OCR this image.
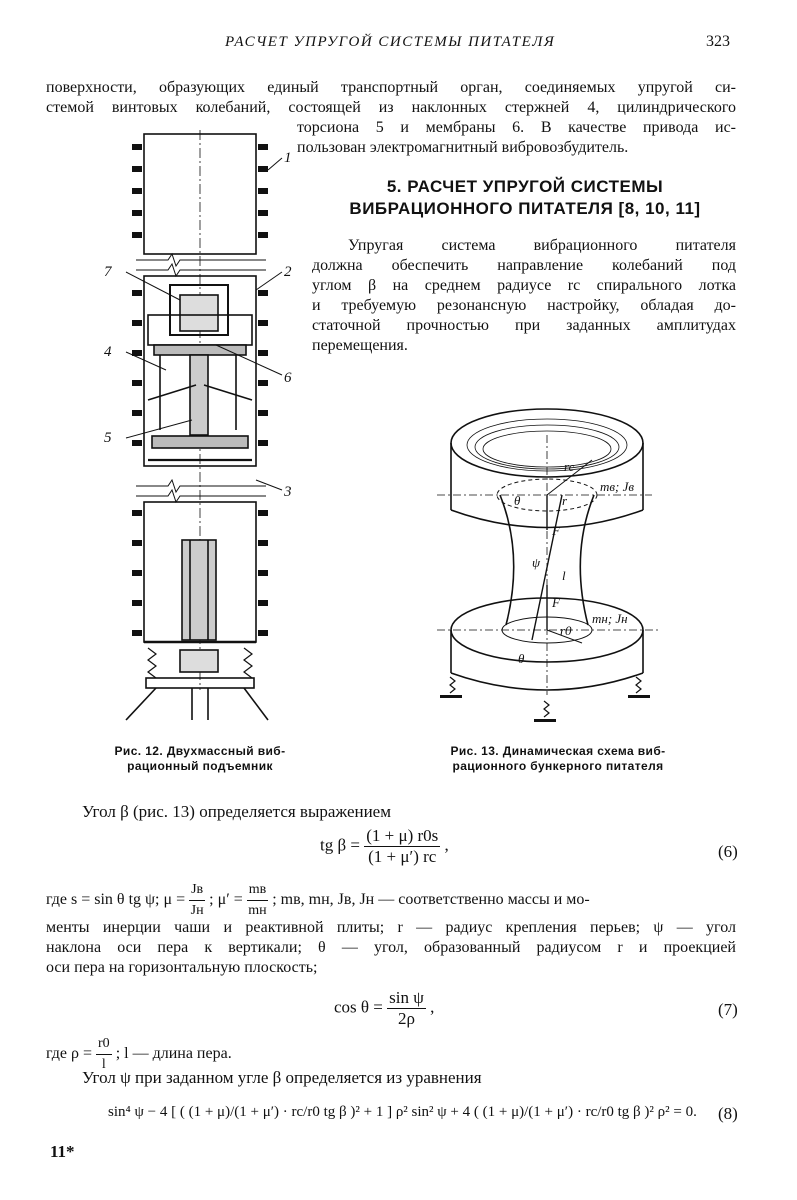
РАСЧЕТ УПРУГОЙ СИСТЕМЫ ПИТАТЕЛЯ	323
поверхности, образующих единый транспортный орган, соединяемых упругой си-
стемой винтовых колебаний, состоящей из наклонных стержней 4, цилиндрического
торсиона 5 и мембраны 6. В качестве привода ис-
пользован электромагнитный вибровозбудитель.
5. РАСЧЕТ УПРУГОЙ СИСТЕМЫ
ВИБРАЦИОННОГО ПИТАТЕЛЯ [8, 10, 11]
Упругая система вибрационного питателя
должна обеспечить направление колебаний под
углом β на среднем радиусе rc спирального лотка
и требуемую резонансную настройку, обладая до-
статочной прочностью при заданных амплитудах
перемещения.
1
2
3
4
5
6
7
rc
mв; Jв
θ	r
F
ψ
l
F
r0
mн; Jн
θ
Рис. 12. Двухмассный виб-
рационный подъемник
Рис. 13. Динамическая схема виб-
рационного бункерного питателя
Угол β (рис. 13) определяется выражением
tg $\beta = \frac{(1 + \mu) r0s}{(1 + \mu') rc}$ ,	(6)
где s = sin θ tg ψ; $\mu = \frac{Jв}{Jн}$ ; $\mu' = \frac{mв}{mн}$ ; mв, mн, Jв, Jн — соответственно массы и мо-
менты инерции чаши и реактивной плиты; r — радиус крепления перьев; ψ — угол
наклона оси пера к вертикали; θ — угол, образованный радиусом r и проекцией
оси пера на горизонтальную плоскость;
$\cos \theta = \frac{\text{sin ψ}}{2\rho}$ ,	(7)
где $\rho = \frac{r0}{l}$ ; l — длина пера.
Угол ψ при заданном угле β определяется из уравнения
sin⁴ ψ − 4 [ ( (1 + μ)/(1 + μ′) · rc/r0 tg β )² + 1 ] ρ² sin² ψ + 4 ( (1 + μ)/(1 + μ′) · rc/r0 tg β )² ρ² = 0. (8)
11*
